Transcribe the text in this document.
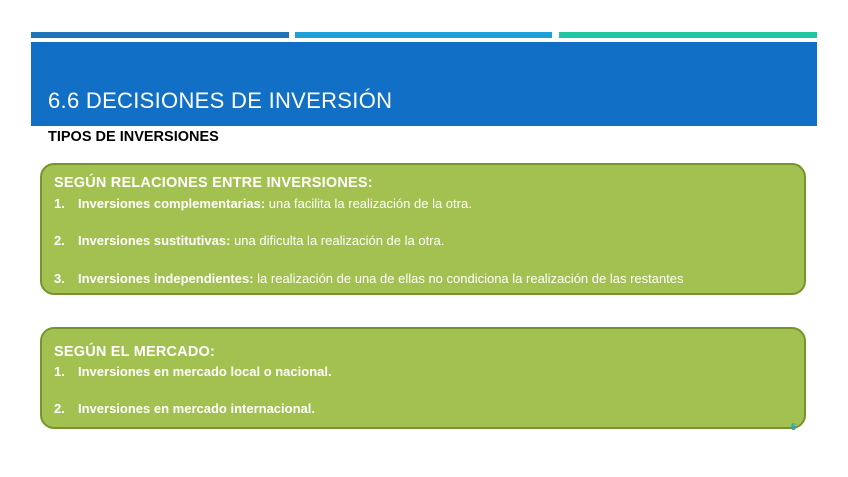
6.6 DECISIONES DE INVERSIÓN
TIPOS DE INVERSIONES

SEGÚN RELACIONES ENTRE INVERSIONES:

1. Inversiones complementarias: una facilita la realización de la otra.
2. Inversiones sustitutivas: una dificulta la realización de la otra.
3. Inversiones independientes: la realización de una de ellas no condiciona la realización de las restantes

SEGÚN EL MERCADO:

1. Inversiones en mercado local o nacional.
2. Inversiones en mercado internacional.
5
